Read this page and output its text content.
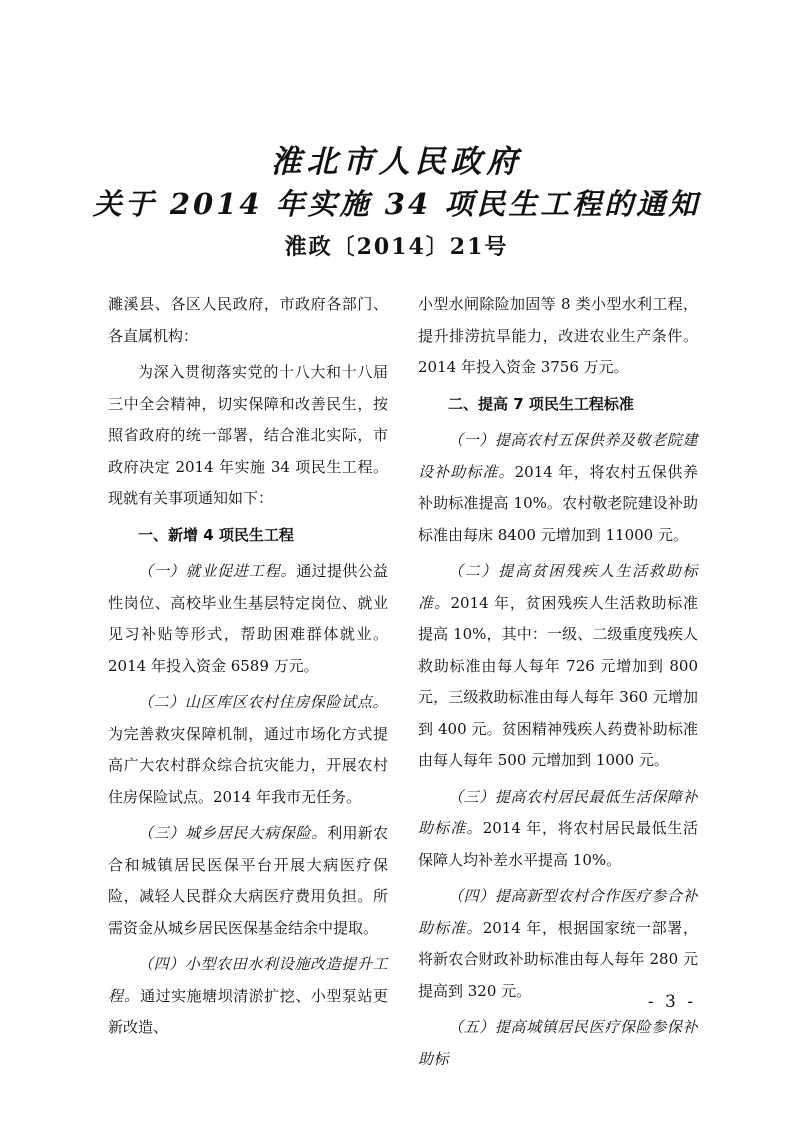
淮北市人民政府
关于 2014 年实施 34 项民生工程的通知
淮政〔2014〕21号

濉溪县、各区人民政府，市政府各部门、各直属机构：

为深入贯彻落实党的十八大和十八届三中全会精神，切实保障和改善民生，按照省政府的统一部署，结合淮北实际，市政府决定 2014 年实施 34 项民生工程。现就有关事项通知如下：

一、新增 4 项民生工程

（一）就业促进工程。通过提供公益性岗位、高校毕业生基层特定岗位、就业见习补贴等形式，帮助困难群体就业。2014 年投入资金 6589 万元。

（二）山区库区农村住房保险试点。为完善救灾保障机制，通过市场化方式提高广大农村群众综合抗灾能力，开展农村住房保险试点。2014 年我市无任务。

（三）城乡居民大病保险。利用新农合和城镇居民医保平台开展大病医疗保险，减轻人民群众大病医疗费用负担。所需资金从城乡居民医保基金结余中提取。

（四）小型农田水利设施改造提升工程。通过实施塘坝清淤扩挖、小型泵站更新改造、

小型水闸除险加固等 8 类小型水利工程，提升排涝抗旱能力，改进农业生产条件。2014 年投入资金 3756 万元。

二、提高 7 项民生工程标准

（一）提高农村五保供养及敬老院建设补助标准。2014 年，将农村五保供养补助标准提高 10%。农村敬老院建设补助标准由每床 8400 元增加到 11000 元。

（二）提高贫困残疾人生活救助标准。2014 年，贫困残疾人生活救助标准提高 10%，其中：一级、二级重度残疾人救助标准由每人每年 726 元增加到 800 元，三级救助标准由每人每年 360 元增加到 400 元。贫困精神残疾人药费补助标准由每人每年 500 元增加到 1000 元。

（三）提高农村居民最低生活保障补助标准。2014 年，将农村居民最低生活保障人均补差水平提高 10%。

（四）提高新型农村合作医疗参合补助标准。2014 年，根据国家统一部署，将新农合财政补助标准由每人每年 280 元提高到 320 元。

（五）提高城镇居民医疗保险参保补助标

- 3 -
